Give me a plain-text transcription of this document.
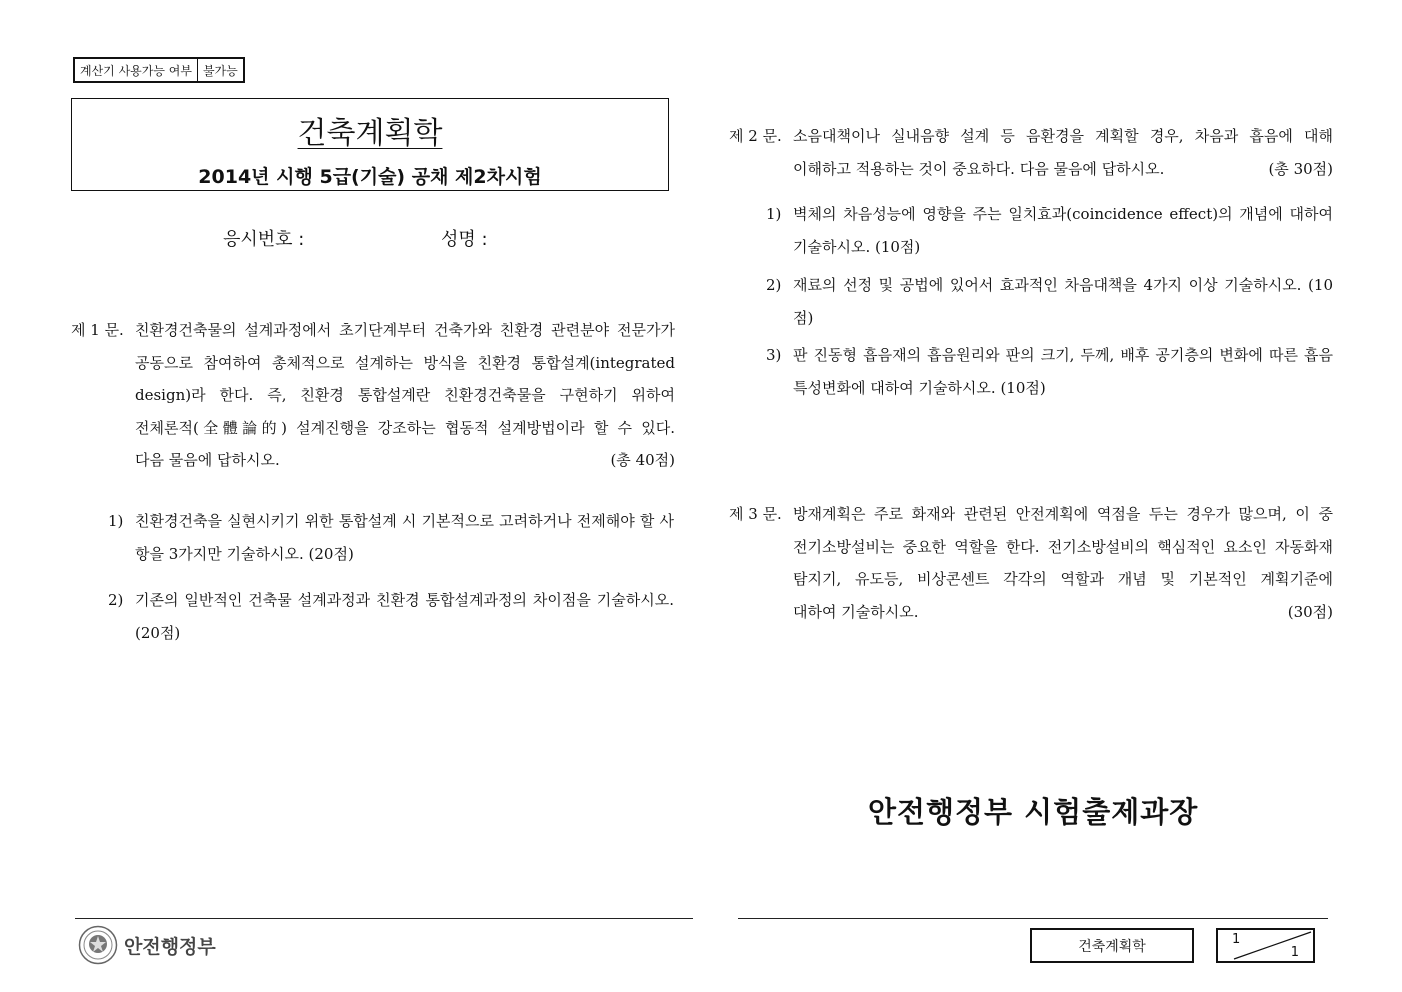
계산기 사용가능 여부 불가능
건축계획학
2014년 시행 5급(기술) 공채 제2차시험
응시번호 :	성명 :
제 1 문. 친환경건축물의 설계과정에서 초기단계부터 건축가와 친환경 관련분야 전문가가
공동으로 참여하여 총체적으로 설계하는 방식을 친환경 통합설계(integrated
design)라 한다. 즉, 친환경 통합설계란 친환경건축물을 구현하기 위하여
전체론적(全體論的) 설계진행을 강조하는 협동적 설계방법이라 할 수 있다.
다음 물음에 답하시오.	(총 40점)
1) 친환경건축을 실현시키기 위한 통합설계 시 기본적으로 고려하거나 전제해야 할 사항을 3가지만 기술하시오. (20점)
2) 기존의 일반적인 건축물 설계과정과 친환경 통합설계과정의 차이점을 기술하시오. (20점)
제 2 문. 소음대책이나 실내음향 설계 등 음환경을 계획할 경우, 차음과 흡음에 대해
이해하고 적용하는 것이 중요하다. 다음 물음에 답하시오.	(총 30점)
1) 벽체의 차음성능에 영향을 주는 일치효과(coincidence effect)의 개념에 대하여 기술하시오. (10점)
2) 재료의 선정 및 공법에 있어서 효과적인 차음대책을 4가지 이상 기술하시오. (10점)
3) 판 진동형 흡음재의 흡음원리와 판의 크기, 두께, 배후 공기층의 변화에 따른 흡음특성변화에 대하여 기술하시오. (10점)
제 3 문. 방재계획은 주로 화재와 관련된 안전계획에 역점을 두는 경우가 많으며, 이 중
전기소방설비는 중요한 역할을 한다. 전기소방설비의 핵심적인 요소인 자동화재
탐지기, 유도등, 비상콘센트 각각의 역할과 개념 및 기본적인 계획기준에
대하여 기술하시오.	(30점)
안전행정부 시험출제과장
안전행정부	건축계획학	1
1
